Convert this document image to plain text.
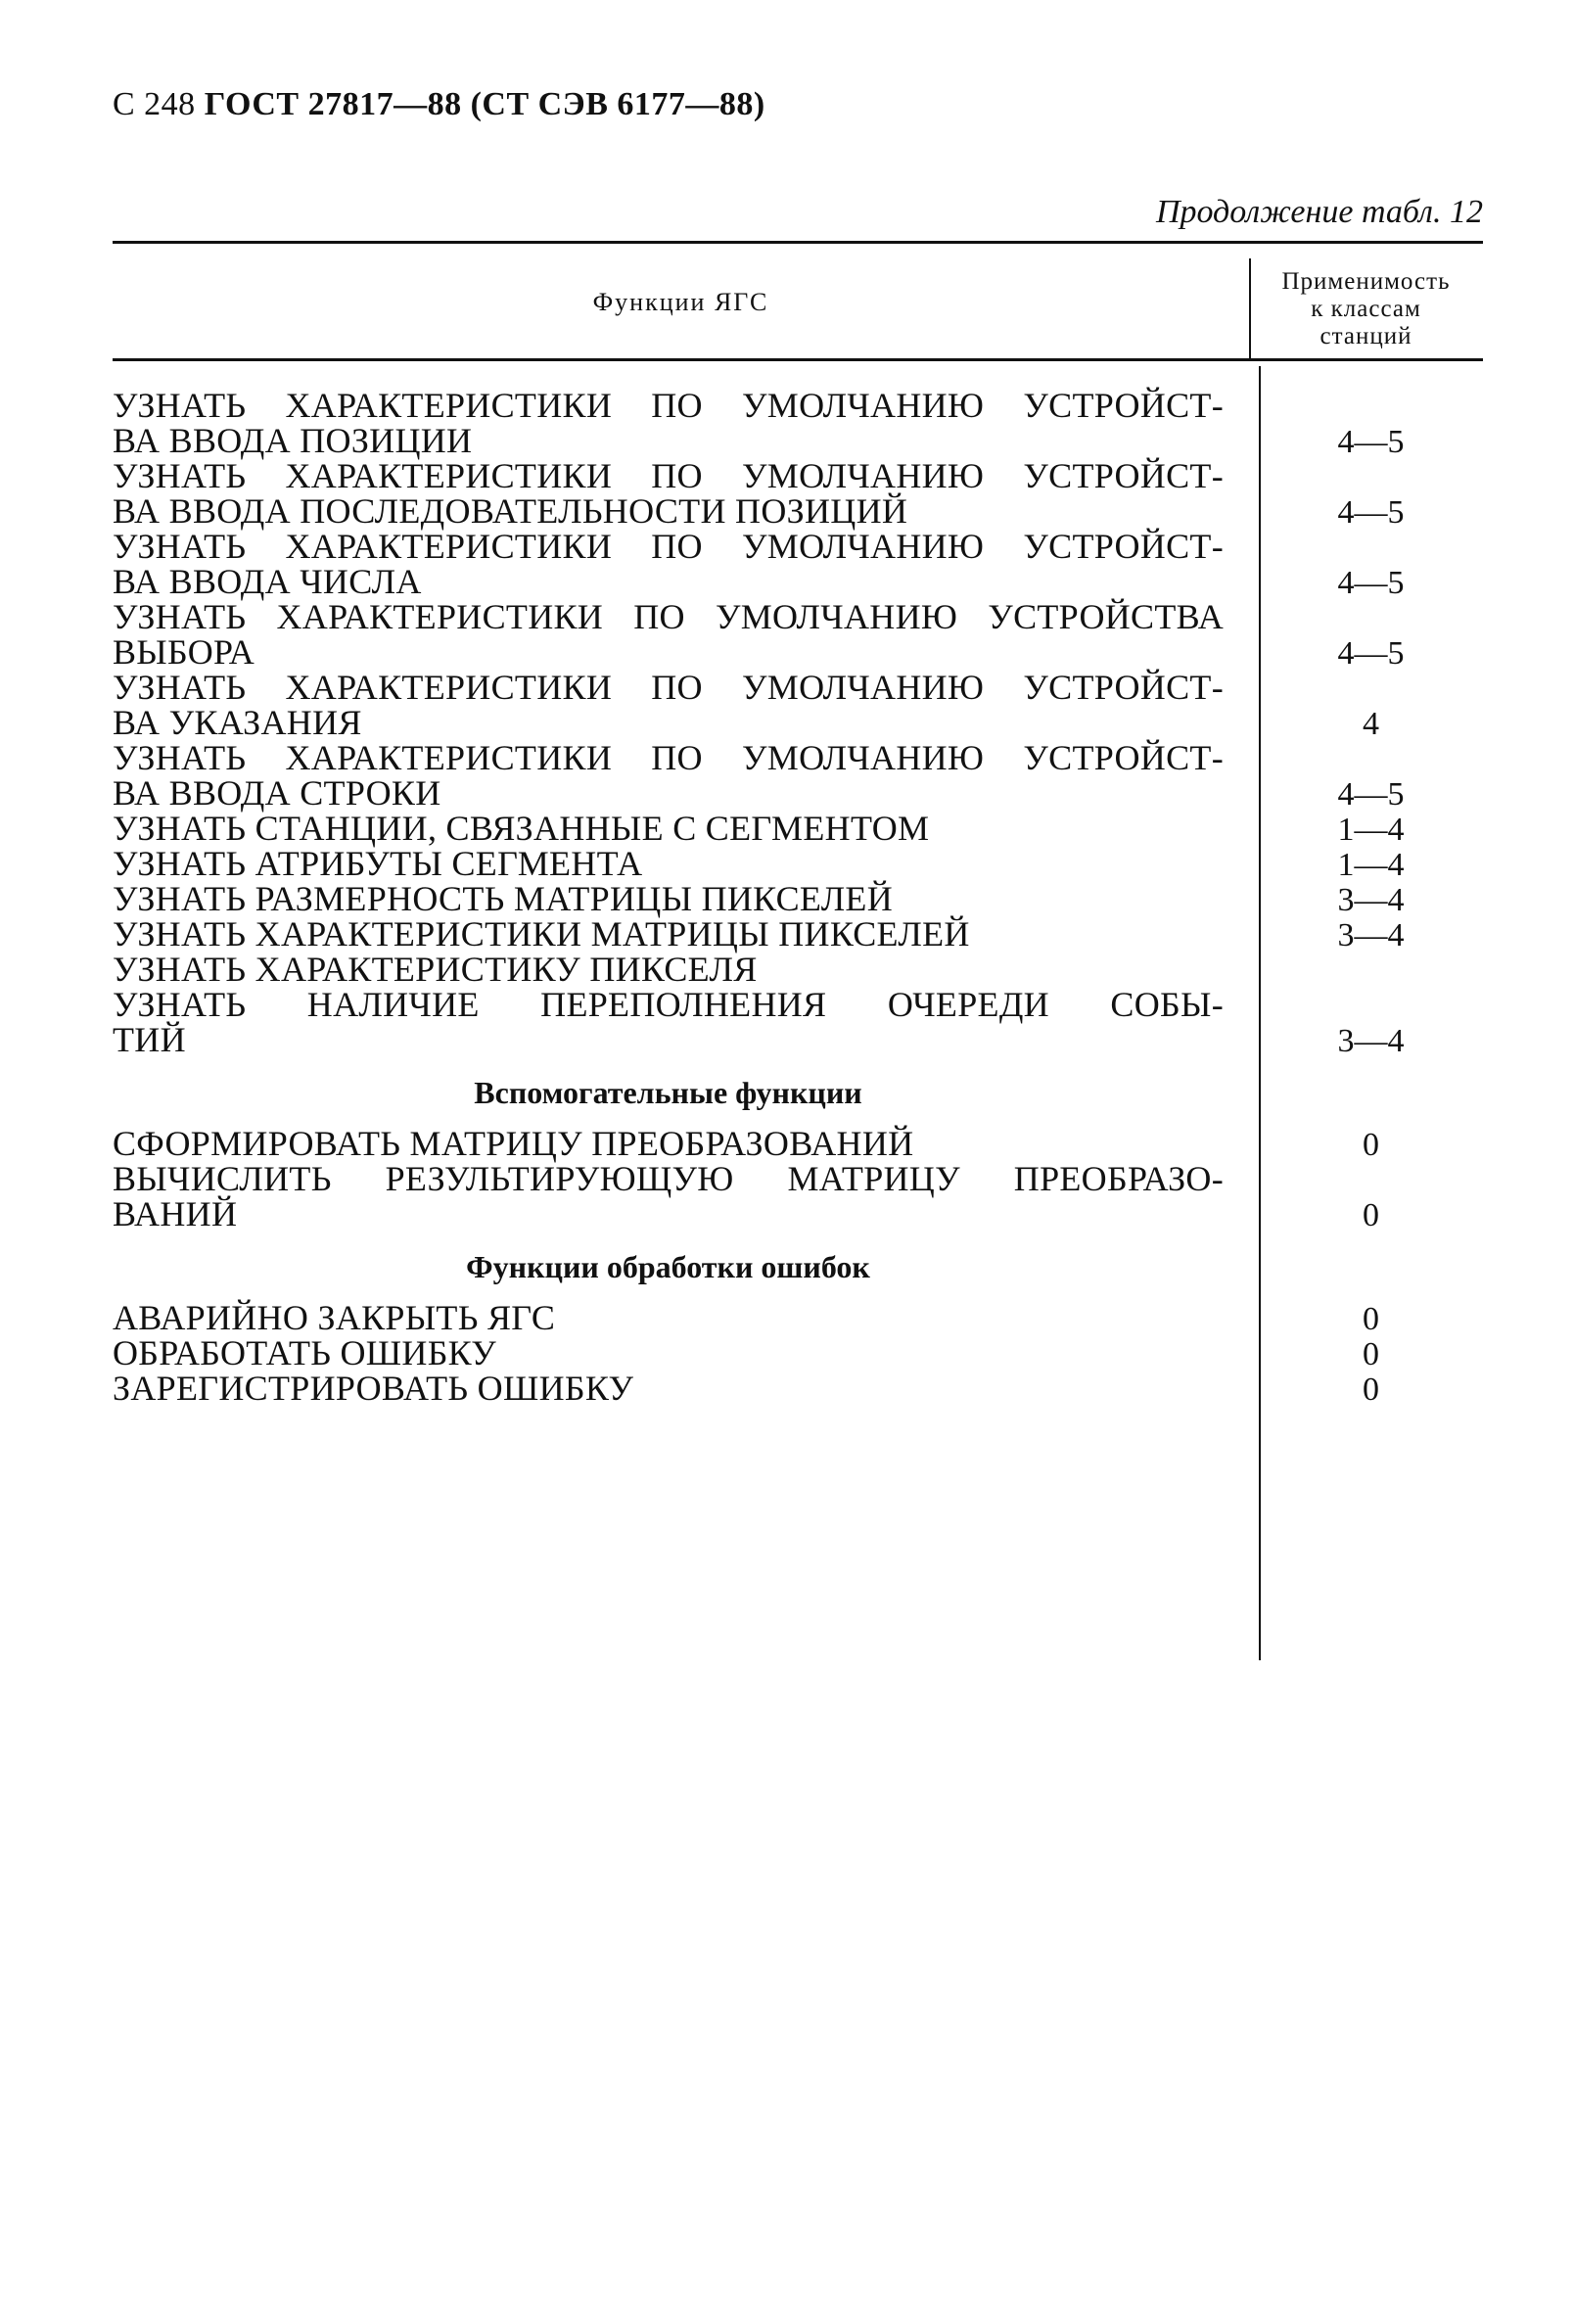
С 248 ГОСТ 27817—88 (СТ СЭВ 6177—88)
Продолжение табл. 12
Функции ЯГС
Применимость
к классам
станций
УЗНАТЬ ХАРАКТЕРИСТИКИ ПО УМОЛЧАНИЮ УСТРОЙСТ-
ВА ВВОДА ПОЗИЦИИ	4—5
УЗНАТЬ ХАРАКТЕРИСТИКИ ПО УМОЛЧАНИЮ УСТРОЙСТ-
ВА ВВОДА ПОСЛЕДОВАТЕЛЬНОСТИ ПОЗИЦИЙ	4—5
УЗНАТЬ ХАРАКТЕРИСТИКИ ПО УМОЛЧАНИЮ УСТРОЙСТ-
ВА ВВОДА ЧИСЛА	4—5
УЗНАТЬ ХАРАКТЕРИСТИКИ ПО УМОЛЧАНИЮ УСТРОЙСТВА
ВЫБОРА	4—5
УЗНАТЬ ХАРАКТЕРИСТИКИ ПО УМОЛЧАНИЮ УСТРОЙСТ-
ВА УКАЗАНИЯ	4
УЗНАТЬ ХАРАКТЕРИСТИКИ ПО УМОЛЧАНИЮ УСТРОЙСТ-
ВА ВВОДА СТРОКИ	4—5
УЗНАТЬ СТАНЦИИ, СВЯЗАННЫЕ С СЕГМЕНТОМ	1—4
УЗНАТЬ АТРИБУТЫ СЕГМЕНТА	1—4
УЗНАТЬ РАЗМЕРНОСТЬ МАТРИЦЫ ПИКСЕЛЕЙ	3—4
УЗНАТЬ ХАРАКТЕРИСТИКИ МАТРИЦЫ ПИКСЕЛЕЙ	3—4
УЗНАТЬ ХАРАКТЕРИСТИКУ ПИКСЕЛЯ
УЗНАТЬ НАЛИЧИЕ ПЕРЕПОЛНЕНИЯ ОЧЕРЕДИ СОБЫ-
ТИЙ	3—4
Вспомогательные функции
СФОРМИРОВАТЬ МАТРИЦУ ПРЕОБРАЗОВАНИЙ	0
ВЫЧИСЛИТЬ РЕЗУЛЬТИРУЮЩУЮ МАТРИЦУ ПРЕОБРАЗО-
ВАНИЙ	0
Функции обработки ошибок
АВАРИЙНО ЗАКРЫТЬ ЯГС	0
ОБРАБОТАТЬ ОШИБКУ	0
ЗАРЕГИСТРИРОВАТЬ ОШИБКУ	0
